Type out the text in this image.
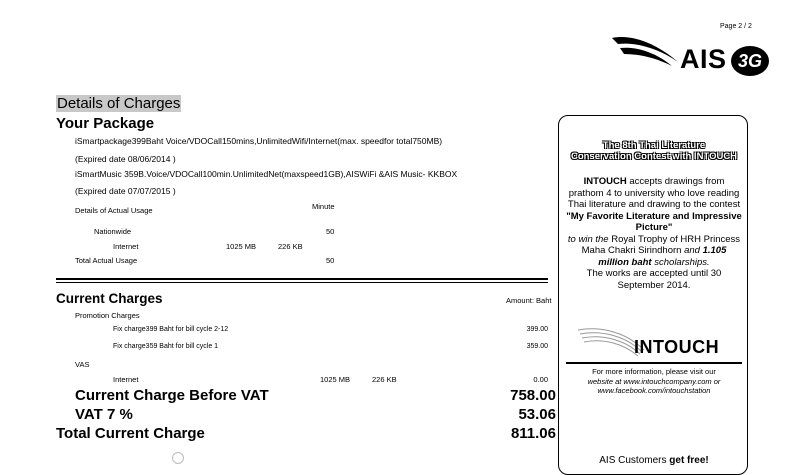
Page 2 / 2
AIS 3G
Details of Charges
Your Package
iSmartpackage399Baht Voice/VDOCall150mins,UnlimitedWifi/Internet(max. speedfor total750MB)
(Expired date 08/06/2014 )
iSmartMusic 359B.Voice/VDOCall100min.UnlimitedNet(maxspeed1GB),AISWiFi &AIS Music- KKBOX
(Expired date 07/07/2015 )
Details of Actual Usage	Minute
Nationwide	50
Internet	1025 MB	226 KB
Total Actual Usage	50
Current Charges	Amount: Baht
Promotion Charges
Fix charge399 Baht for bill cycle 2-12	399.00
Fix charge359 Baht for bill cycle 1	359.00
VAS
Internet	1025 MB	226 KB	0.00
Current Charge Before VAT	758.00
VAT 7 %	53.06
Total Current Charge	811.06
The 8th Thai Literature
Conservation Contest with INTOUCH
INTOUCH accepts drawings from prathom 4 to university who love reading Thai literature and drawing to the contest
"My Favorite Literature and Impressive Picture"
to win the Royal Trophy of HRH Princess Maha Chakri Sirindhorn and 1.105 million baht scholarships.
The works are accepted until 30 September 2014.
INTOUCH
For more information, please visit our
website at www.intouchcompany.com or
www.facebook.com/intouchstation
AIS Customers get free!
